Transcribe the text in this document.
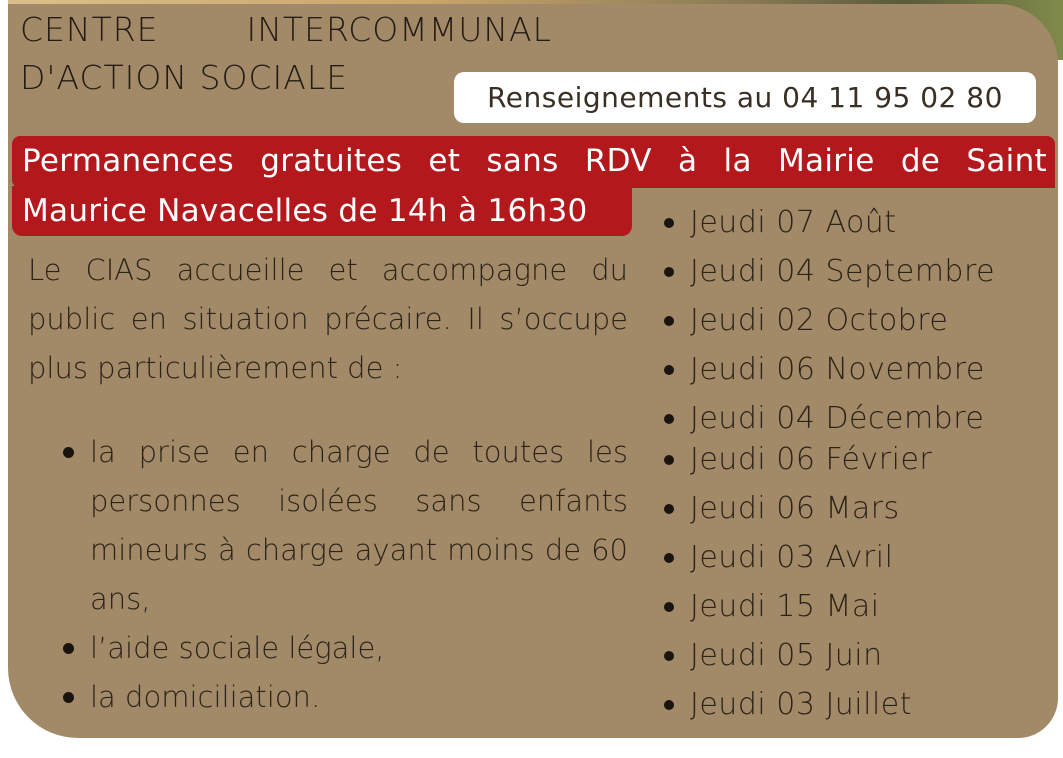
CENTRE	INTERCOMMUNAL
D'ACTION SOCIALE
Renseignements au 04 11 95 02 80
Permanences gratuites et sans RDV à la Mairie de Saint
Maurice Navacelles de 14h à 16h30
Le CIAS accueille et accompagne du public en situation précaire. Il s’occupe plus particulièrement de :
la prise en charge de toutes les personnes isolées sans enfants mineurs à charge ayant moins de 60 ans,
l’aide sociale légale,
la domiciliation.
Jeudi 07 Août
Jeudi 04 Septembre
Jeudi 02 Octobre
Jeudi 06 Novembre
Jeudi 04 Décembre
Jeudi 06 Février
Jeudi 06 Mars
Jeudi 03 Avril
Jeudi 15 Mai
Jeudi 05 Juin
Jeudi 03 Juillet
